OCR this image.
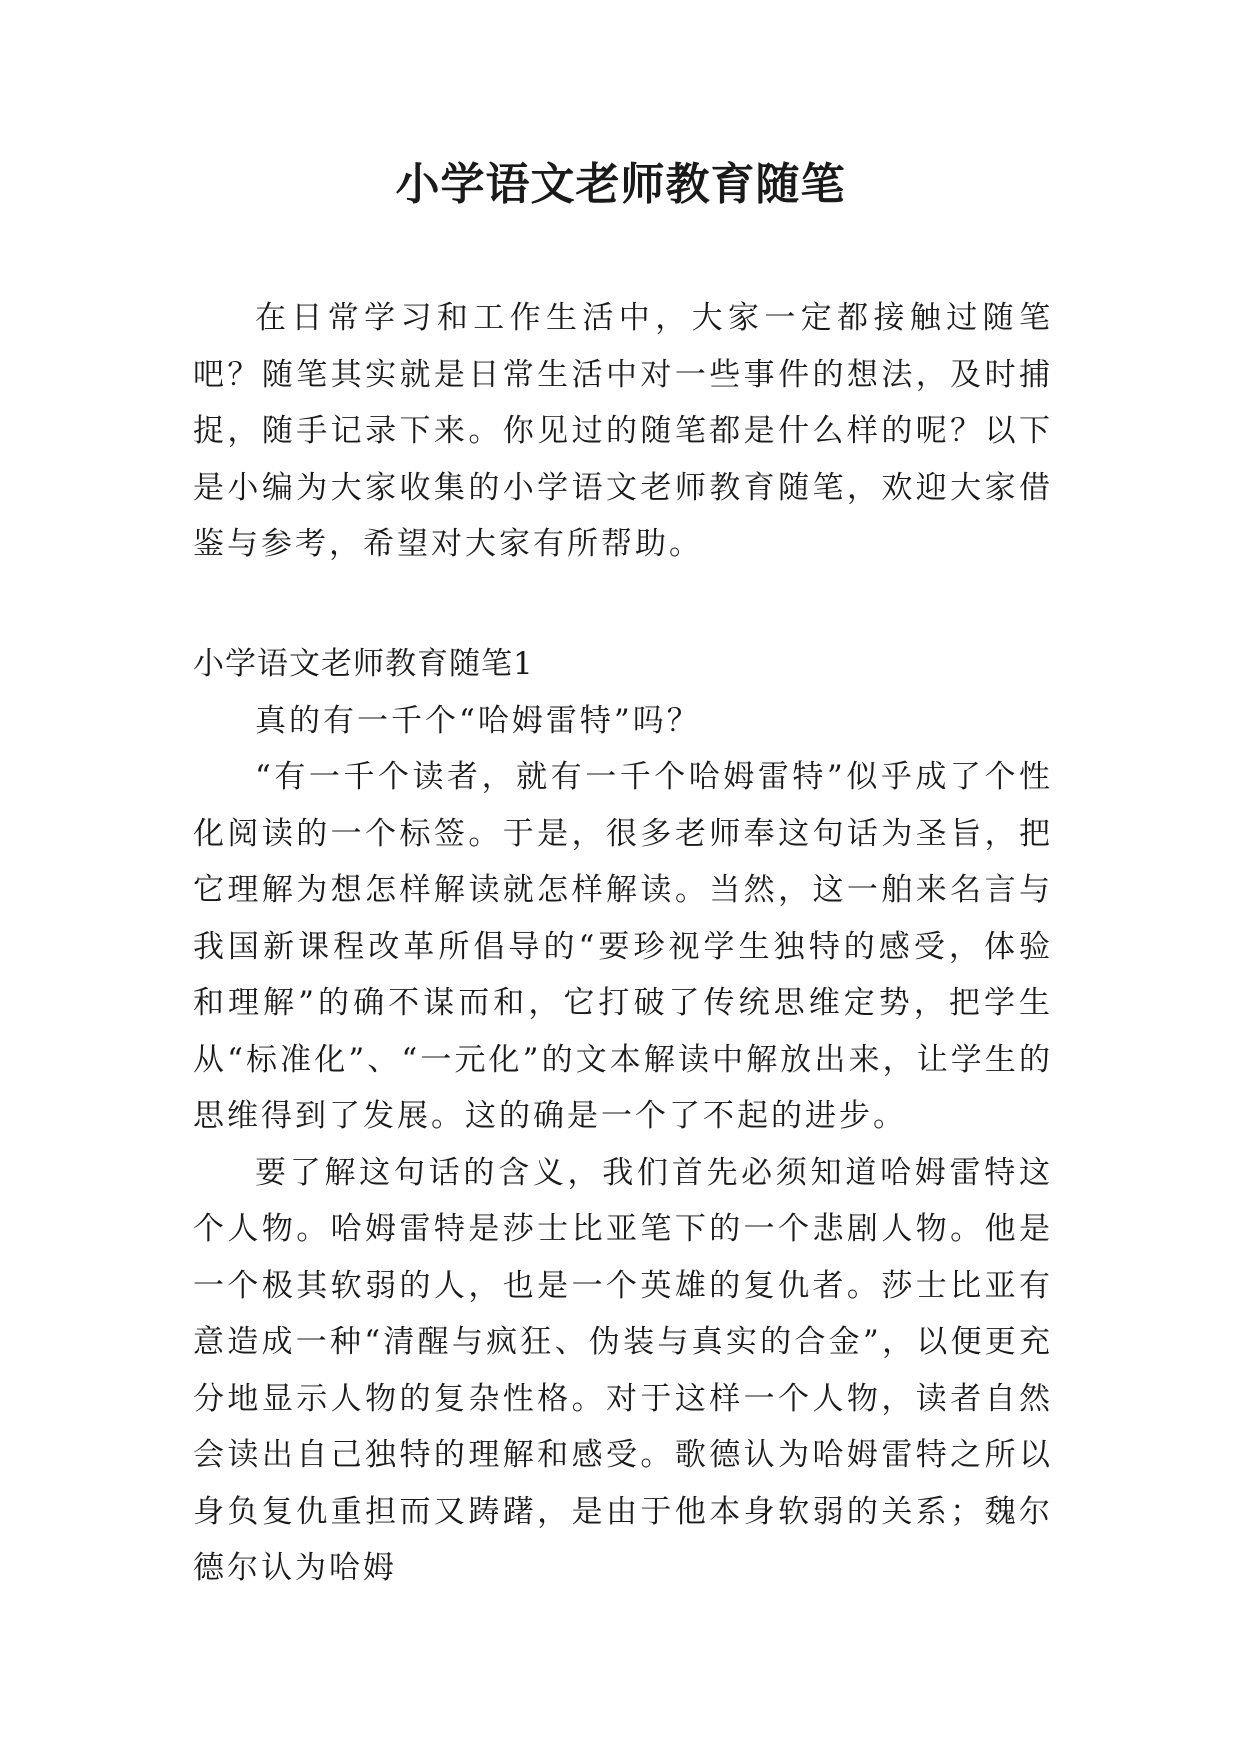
小学语文老师教育随笔

在日常学习和工作生活中，大家一定都接触过随笔吧？随笔其实就是日常生活中对一些事件的想法，及时捕捉，随手记录下来。你见过的随笔都是什么样的呢？以下是小编为大家收集的小学语文老师教育随笔，欢迎大家借鉴与参考，希望对大家有所帮助。

小学语文老师教育随笔1

真的有一千个“哈姆雷特”吗？

“有一千个读者，就有一千个哈姆雷特”似乎成了个性化阅读的一个标签。于是，很多老师奉这句话为圣旨，把它理解为想怎样解读就怎样解读。当然，这一舶来名言与我国新课程改革所倡导的“要珍视学生独特的感受，体验和理解”的确不谋而和，它打破了传统思维定势，把学生从“标准化”、“一元化”的文本解读中解放出来，让学生的思维得到了发展。这的确是一个了不起的进步。

要了解这句话的含义，我们首先必须知道哈姆雷特这个人物。哈姆雷特是莎士比亚笔下的一个悲剧人物。他是一个极其软弱的人，也是一个英雄的复仇者。莎士比亚有意造成一种“清醒与疯狂、伪装与真实的合金”，以便更充分地显示人物的复杂性格。对于这样一个人物，读者自然会读出自己独特的理解和感受。歌德认为哈姆雷特之所以身负复仇重担而又踌躇，是由于他本身软弱的关系；魏尔德尔认为哈姆
